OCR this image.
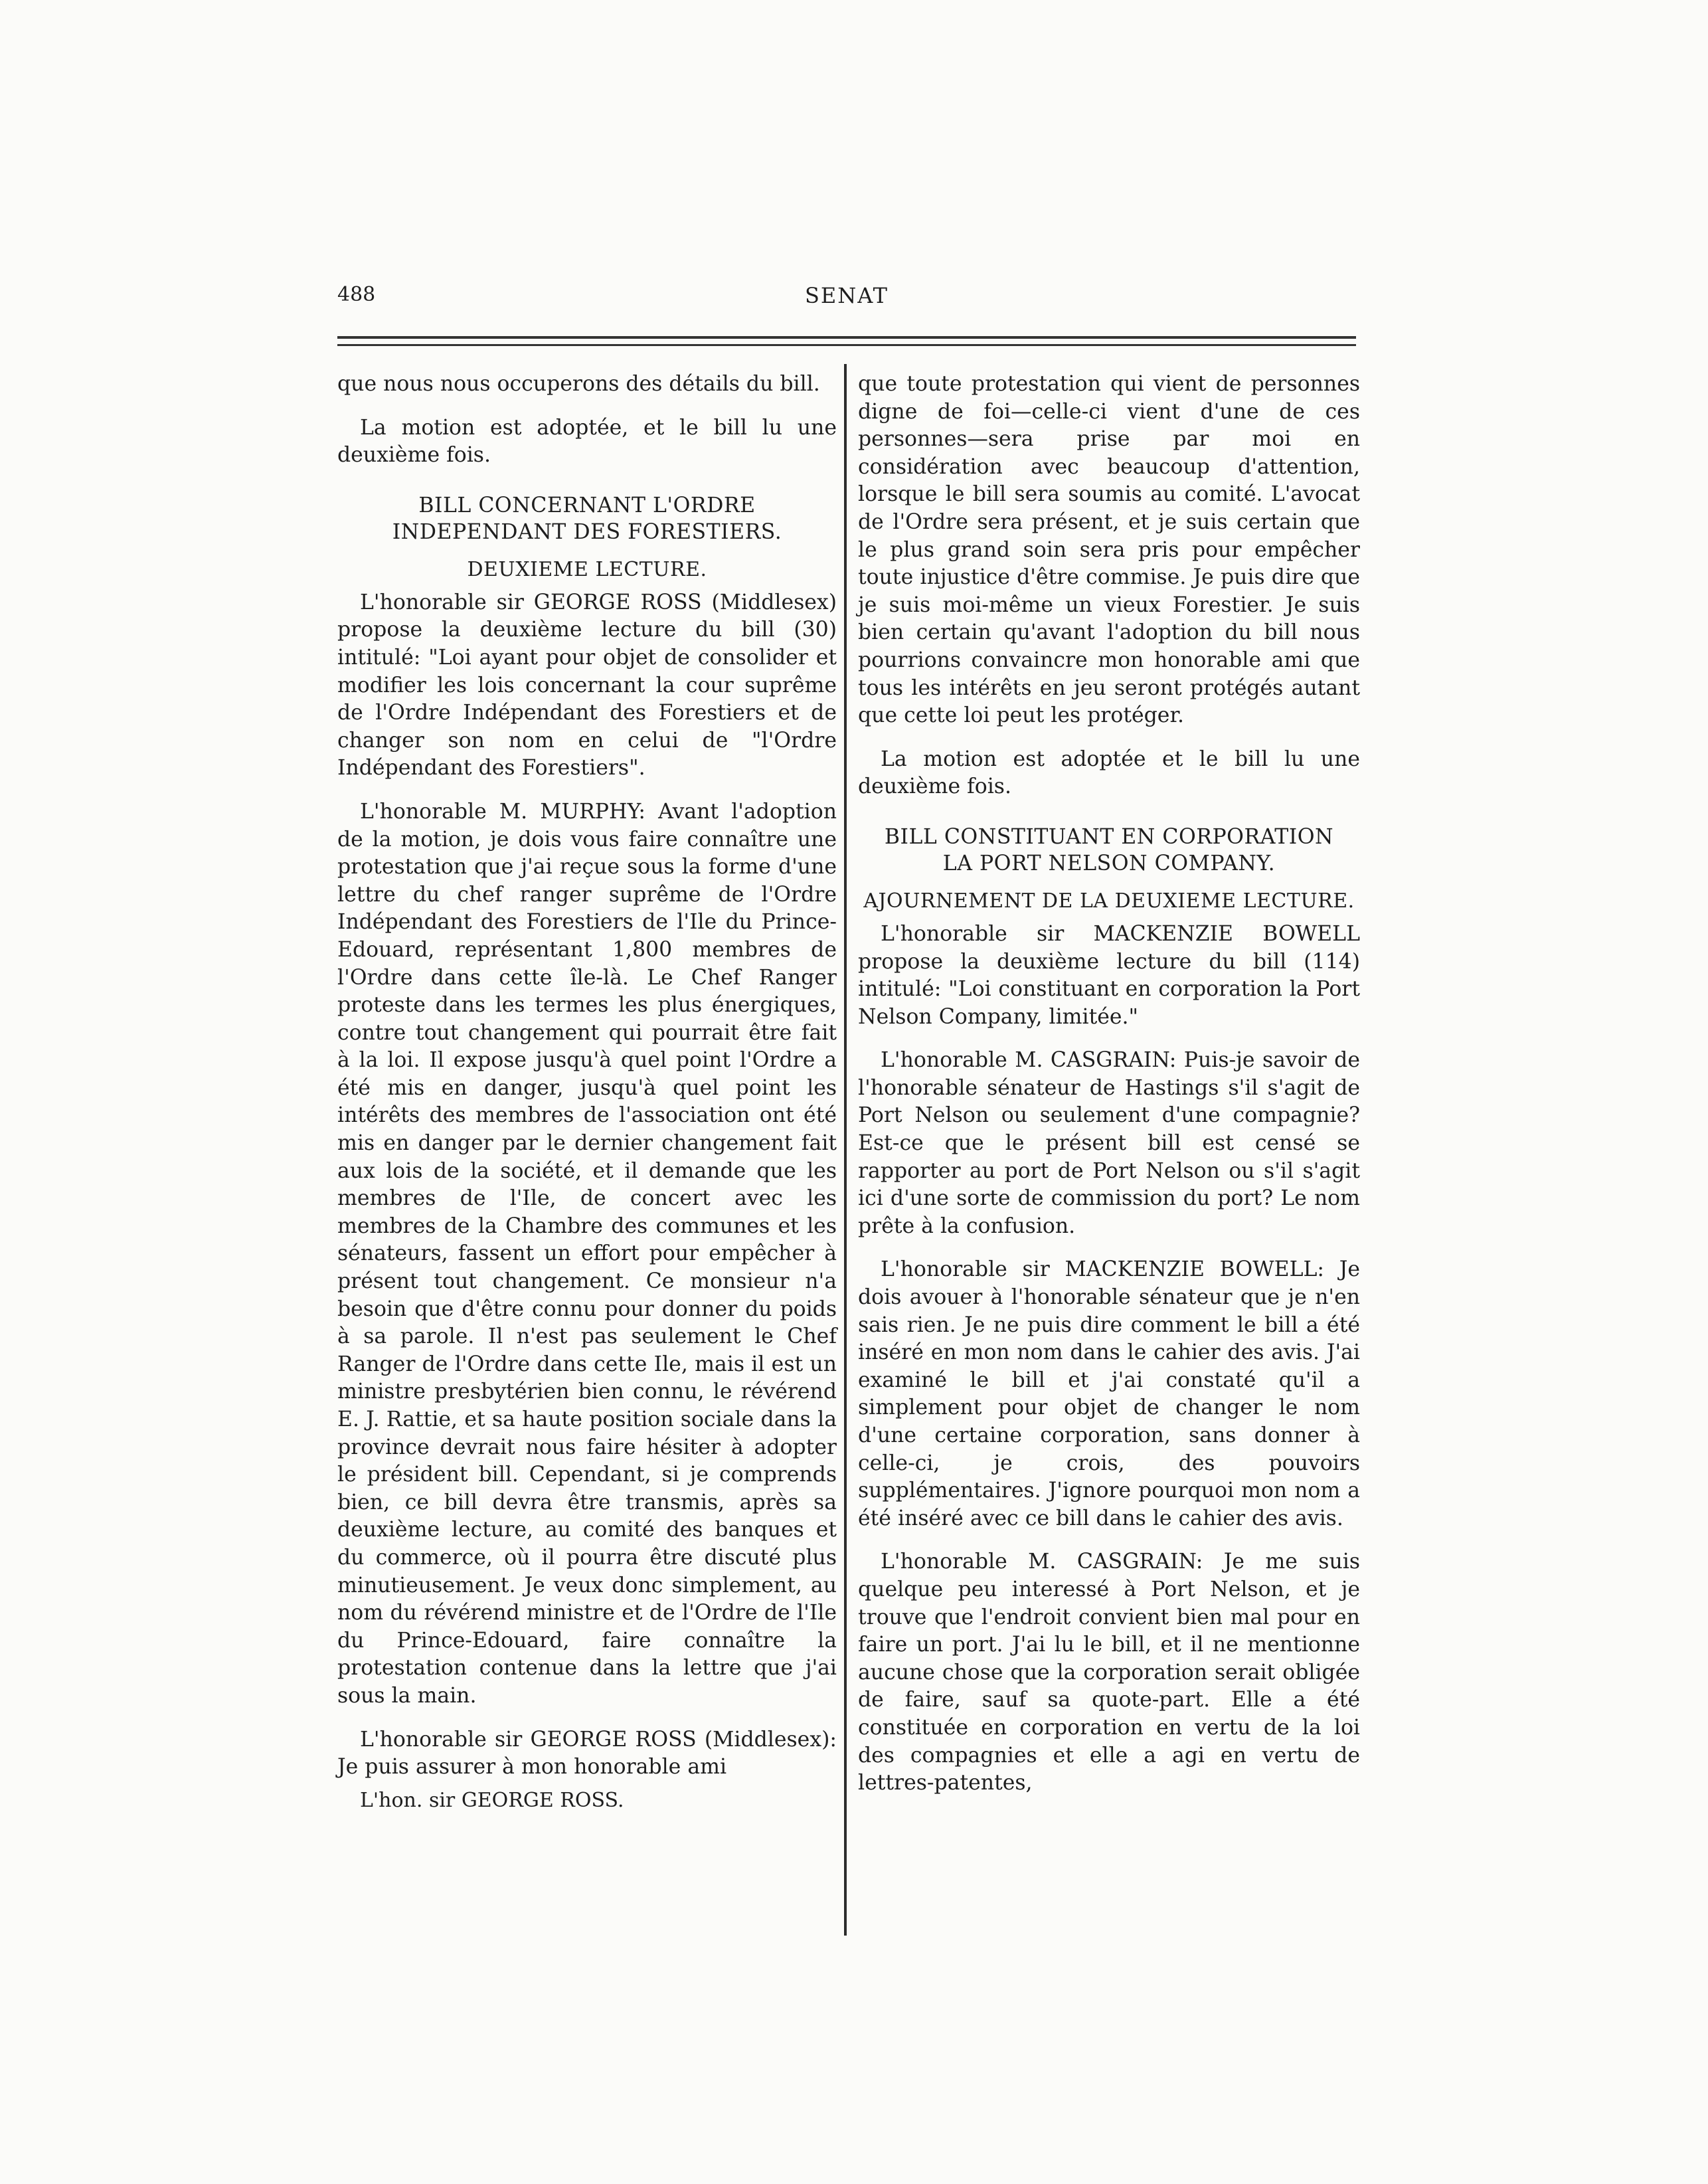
488	SENAT

que nous nous occuperons des détails du bill.

La motion est adoptée, et le bill lu une deuxième fois.

BILL CONCERNANT L'ORDRE INDEPENDANT DES FORESTIERS.
DEUXIEME LECTURE.

L'honorable sir GEORGE ROSS (Middlesex) propose la deuxième lecture du bill (30) intitulé: "Loi ayant pour objet de consolider et modifier les lois concernant la cour suprême de l'Ordre Indépendant des Forestiers et de changer son nom en celui de "l'Ordre Indépendant des Forestiers".

L'honorable M. MURPHY: Avant l'adoption de la motion, je dois vous faire connaître une protestation que j'ai reçue sous la forme d'une lettre du chef ranger suprême de l'Ordre Indépendant des Forestiers de l'Ile du Prince-Edouard, représentant 1,800 membres de l'Ordre dans cette île-là. Le Chef Ranger proteste dans les termes les plus énergiques, contre tout changement qui pourrait être fait à la loi. Il expose jusqu'à quel point l'Ordre a été mis en danger, jusqu'à quel point les intérêts des membres de l'association ont été mis en danger par le dernier changement fait aux lois de la société, et il demande que les membres de l'Ile, de concert avec les membres de la Chambre des communes et les sénateurs, fassent un effort pour empêcher à présent tout changement. Ce monsieur n'a besoin que d'être connu pour donner du poids à sa parole. Il n'est pas seulement le Chef Ranger de l'Ordre dans cette Ile, mais il est un ministre presbytérien bien connu, le révérend E. J. Rattie, et sa haute position sociale dans la province devrait nous faire hésiter à adopter le président bill. Cependant, si je comprends bien, ce bill devra être transmis, après sa deuxième lecture, au comité des banques et du commerce, où il pourra être discuté plus minutieusement. Je veux donc simplement, au nom du révérend ministre et de l'Ordre de l'Ile du Prince-Edouard, faire connaître la protestation contenue dans la lettre que j'ai sous la main.

L'honorable sir GEORGE ROSS (Middlesex): Je puis assurer à mon honorable ami

L'hon. sir GEORGE ROSS.

que toute protestation qui vient de personnes digne de foi—celle-ci vient d'une de ces personnes—sera prise par moi en considération avec beaucoup d'attention, lorsque le bill sera soumis au comité. L'avocat de l'Ordre sera présent, et je suis certain que le plus grand soin sera pris pour empêcher toute injustice d'être commise. Je puis dire que je suis moi-même un vieux Forestier. Je suis bien certain qu'avant l'adoption du bill nous pourrions convaincre mon honorable ami que tous les intérêts en jeu seront protégés autant que cette loi peut les protéger.

La motion est adoptée et le bill lu une deuxième fois.

BILL CONSTITUANT EN CORPORATION LA PORT NELSON COMPANY.
AJOURNEMENT DE LA DEUXIEME LECTURE.

L'honorable sir MACKENZIE BOWELL propose la deuxième lecture du bill (114) intitulé: "Loi constituant en corporation la Port Nelson Company, limitée."

L'honorable M. CASGRAIN: Puis-je savoir de l'honorable sénateur de Hastings s'il s'agit de Port Nelson ou seulement d'une compagnie? Est-ce que le présent bill est censé se rapporter au port de Port Nelson ou s'il s'agit ici d'une sorte de commission du port? Le nom prête à la confusion.

L'honorable sir MACKENZIE BOWELL: Je dois avouer à l'honorable sénateur que je n'en sais rien. Je ne puis dire comment le bill a été inséré en mon nom dans le cahier des avis. J'ai examiné le bill et j'ai constaté qu'il a simplement pour objet de changer le nom d'une certaine corporation, sans donner à celle-ci, je crois, des pouvoirs supplémentaires. J'ignore pourquoi mon nom a été inséré avec ce bill dans le cahier des avis.

L'honorable M. CASGRAIN: Je me suis quelque peu interessé à Port Nelson, et je trouve que l'endroit convient bien mal pour en faire un port. J'ai lu le bill, et il ne mentionne aucune chose que la corporation serait obligée de faire, sauf sa quote-part. Elle a été constituée en corporation en vertu de la loi des compagnies et elle a agi en vertu de lettres-patentes,
